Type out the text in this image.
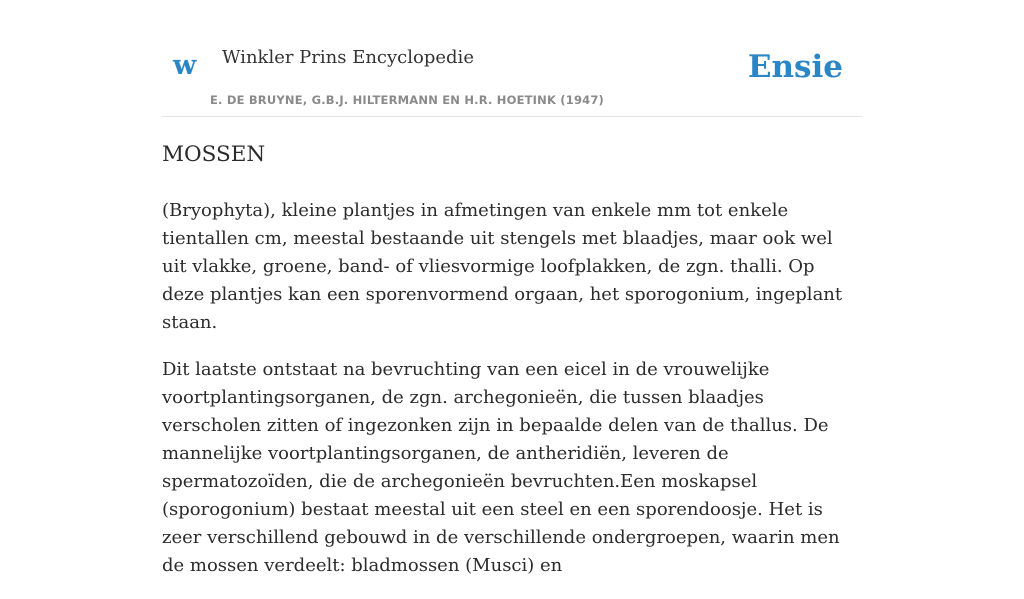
w Winkler Prins Encyclopedie
E. DE BRUYNE, G.B.J. HILTERMANN EN H.R. HOETINK (1947)
Ensie
MOSSEN

(Bryophyta), kleine plantjes in afmetingen van enkele mm tot enkele tientallen cm, meestal bestaande uit stengels met blaadjes, maar ook wel uit vlakke, groene, band- of vliesvormige loofplakken, de zgn. thalli. Op deze plantjes kan een sporenvormend orgaan, het sporogonium, ingeplant staan.

Dit laatste ontstaat na bevruchting van een eicel in de vrouwelijke voortplantingsorganen, de zgn. archegonieën, die tussen blaadjes verscholen zitten of ingezonken zijn in bepaalde delen van de thallus. De mannelijke voortplantingsorganen, de antheridiën, leveren de spermatozoïden, die de archegonieën bevruchten.Een moskapsel (sporogonium) bestaat meestal uit een steel en een sporendoosje. Het is zeer verschillend gebouwd in de verschillende ondergroepen, waarin men de mossen verdeelt: bladmossen (Musci) en
